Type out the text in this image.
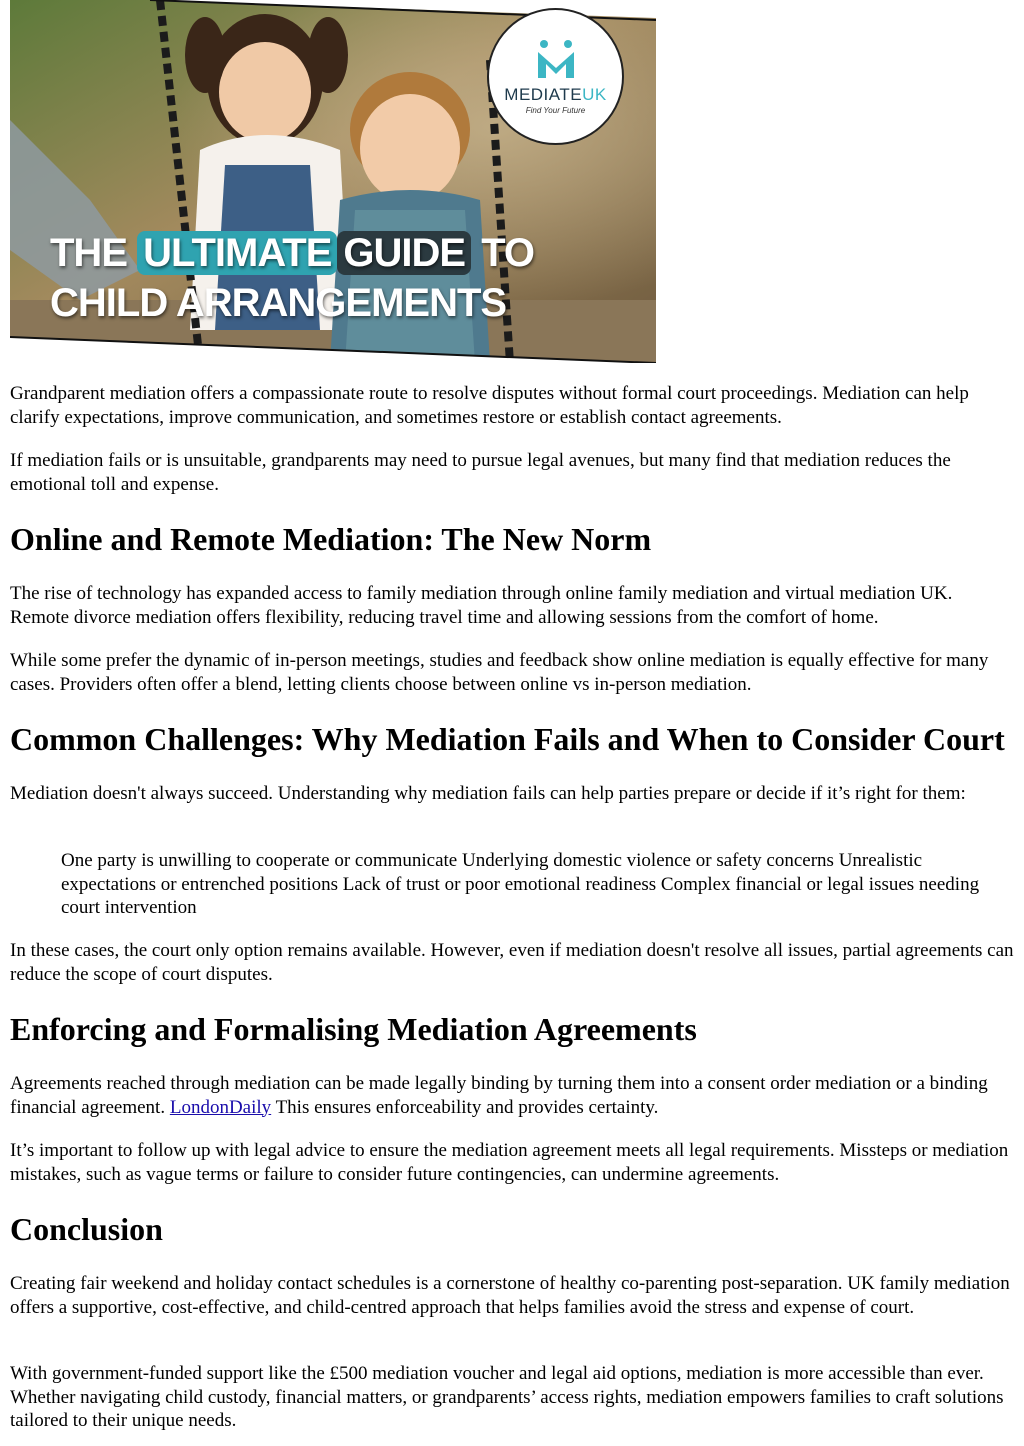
MEDIATEUK
Find Your Future
THE ULTIMATE GUIDE TO
CHILD ARRANGEMENTS

Grandparent mediation offers a compassionate route to resolve disputes without formal court proceedings. Mediation can help clarify expectations, improve communication, and sometimes restore or establish contact agreements.

If mediation fails or is unsuitable, grandparents may need to pursue legal avenues, but many find that mediation reduces the emotional toll and expense.

Online and Remote Mediation: The New Norm

The rise of technology has expanded access to family mediation through online family mediation and virtual mediation UK. Remote divorce mediation offers flexibility, reducing travel time and allowing sessions from the comfort of home.

While some prefer the dynamic of in-person meetings, studies and feedback show online mediation is equally effective for many cases. Providers often offer a blend, letting clients choose between online vs in-person mediation.

Common Challenges: Why Mediation Fails and When to Consider Court

Mediation doesn't always succeed. Understanding why mediation fails can help parties prepare or decide if it’s right for them:

One party is unwilling to cooperate or communicate Underlying domestic violence or safety concerns Unrealistic expectations or entrenched positions Lack of trust or poor emotional readiness Complex financial or legal issues needing court intervention

In these cases, the court only option remains available. However, even if mediation doesn't resolve all issues, partial agreements can reduce the scope of court disputes.

Enforcing and Formalising Mediation Agreements

Agreements reached through mediation can be made legally binding by turning them into a consent order mediation or a binding financial agreement. LondonDaily This ensures enforceability and provides certainty.

It’s important to follow up with legal advice to ensure the mediation agreement meets all legal requirements. Missteps or mediation mistakes, such as vague terms or failure to consider future contingencies, can undermine agreements.

Conclusion

Creating fair weekend and holiday contact schedules is a cornerstone of healthy co-parenting post-separation. UK family mediation offers a supportive, cost-effective, and child-centred approach that helps families avoid the stress and expense of court.

With government-funded support like the £500 mediation voucher and legal aid options, mediation is more accessible than ever. Whether navigating child custody, financial matters, or grandparents’ access rights, mediation empowers families to craft solutions tailored to their unique needs.
